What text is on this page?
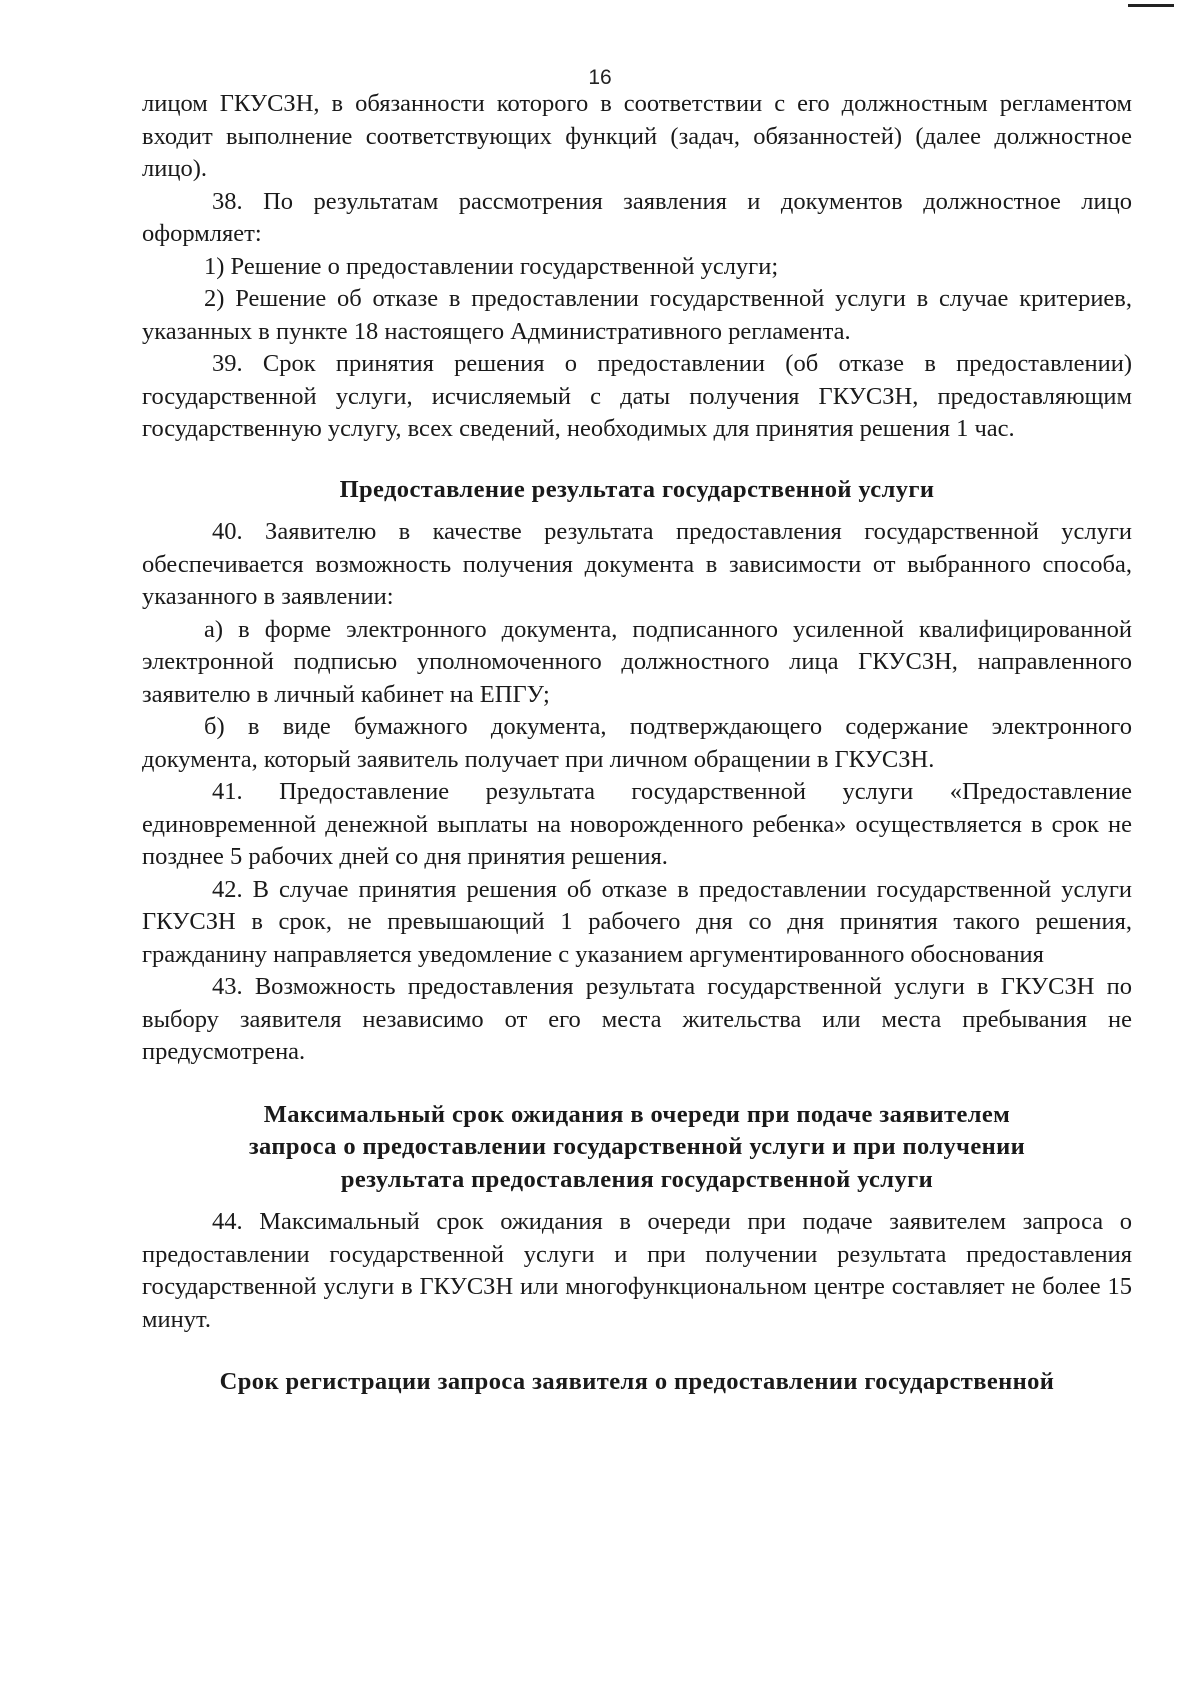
16

лицом ГКУСЗН, в обязанности которого в соответствии с его должностным регламентом входит выполнение соответствующих функций (задач, обязанностей) (далее должностное лицо).

38. По результатам рассмотрения заявления и документов должностное лицо оформляет:

1) Решение о предоставлении государственной услуги;

2) Решение об отказе в предоставлении государственной услуги в случае критериев, указанных в пункте 18 настоящего Административного регламента.

39. Срок принятия решения о предоставлении (об отказе в предоставлении) государственной услуги, исчисляемый с даты получения ГКУСЗН, предоставляющим государственную услугу, всех сведений, необходимых для принятия решения 1 час.

Предоставление результата государственной услуги

40. Заявителю в качестве результата предоставления государственной услуги обеспечивается возможность получения документа в зависимости от выбранного способа, указанного в заявлении:

а) в форме электронного документа, подписанного усиленной квалифицированной электронной подписью уполномоченного должностного лица ГКУСЗН, направленного заявителю в личный кабинет на ЕПГУ;

б) в виде бумажного документа, подтверждающего содержание электронного документа, который заявитель получает при личном обращении в ГКУСЗН.

41. Предоставление результата государственной услуги «Предоставление единовременной денежной выплаты на новорожденного ребенка» осуществляется в срок не позднее 5 рабочих дней со дня принятия решения.

42. В случае принятия решения об отказе в предоставлении государственной услуги ГКУСЗН в срок, не превышающий 1 рабочего дня со дня принятия такого решения, гражданину направляется уведомление с указанием аргументированного обоснования

43. Возможность предоставления результата государственной услуги в ГКУСЗН по выбору заявителя независимо от его места жительства или места пребывания не предусмотрена.

Максимальный срок ожидания в очереди при подаче заявителем
запроса о предоставлении государственной услуги и при получении
результата предоставления государственной услуги

44. Максимальный срок ожидания в очереди при подаче заявителем запроса о предоставлении государственной услуги и при получении результата предоставления государственной услуги в ГКУСЗН или многофункциональном центре составляет не более 15 минут.

Срок регистрации запроса заявителя о предоставлении государственной
